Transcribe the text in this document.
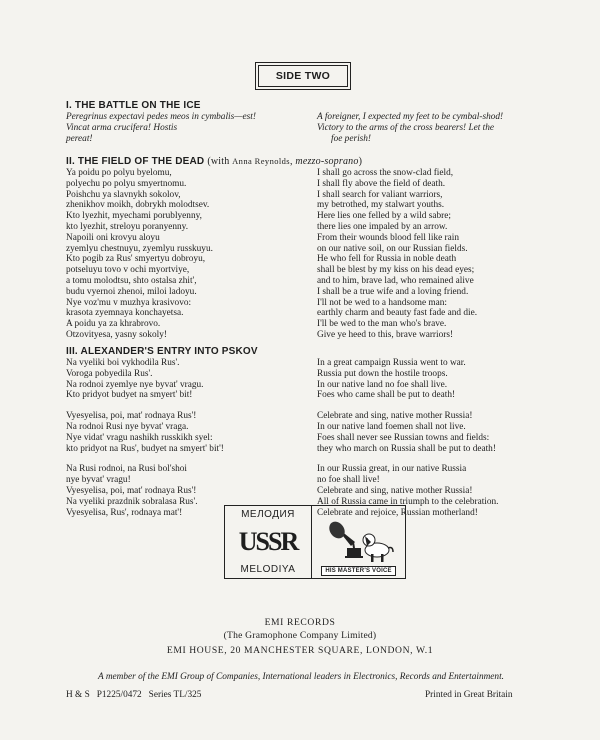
SIDE TWO
I. THE BATTLE ON THE ICE
Peregrinus expectavi pedes meos in cymbalis—est!
Vincat arma crucifera! Hostis
pereat!
A foreigner, I expected my feet to be cymbal-shod!
Victory to the arms of the cross bearers! Let the
foe perish!
II. THE FIELD OF THE DEAD (with Anna Reynolds, mezzo-soprano)
Ya poidu po polyu byelomu,
polyechu po polyu smyertnomu.
Poishchu ya slavnykh sokolov,
zhenikhov moikh, dobrykh molodtsev.
Kto lyezhit, myechami porublyenny,
kto lyezhit, streloyu poranyenny.
Napoili oni krovyu aloyu
zyemlyu chestnuyu, zyemlyu russkuyu.
Kto pogib za Rus' smyertyu dobroyu,
potseluyu tovo v ochi myortviye,
a tomu molodtsu, shto ostalsa zhit',
budu vyernoi zhenoi, miloi ladoyu.
Nye voz'mu v muzhya krasivovo:
krasota zyemnaya konchayetsa.
A poidu ya za khrabrovo.
Otzovityesa, yasny sokoly!
I shall go across the snow-clad field,
I shall fly above the field of death.
I shall search for valiant warriors,
my betrothed, my stalwart youths.
Here lies one felled by a wild sabre;
there lies one impaled by an arrow.
From their wounds blood fell like rain
on our native soil, on our Russian fields.
He who fell for Russia in noble death
shall be blest by my kiss on his dead eyes;
and to him, brave lad, who remained alive
I shall be a true wife and a loving friend.
I'll not be wed to a handsome man:
earthly charm and beauty fast fade and die.
I'll be wed to the man who's brave.
Give ye heed to this, brave warriors!
III. ALEXANDER'S ENTRY INTO PSKOV
Na vyeliki boi vykhodila Rus'.
Voroga pobyedila Rus'.
Na rodnoi zyemlye nye byvat' vragu.
Kto pridyot budyet na smyert' bit!
Vyesyelisa, poi, mat' rodnaya Rus'!
Na rodnoi Rusi nye byvat' vraga.
Nye vidat' vragu nashikh russkikh syel:
kto pridyot na Rus', budyet na smyert' bit'!
Na Rusi rodnoi, na Rusi bol'shoi
nye byvat' vragu!
Vyesyelisa, poi, mat' rodnaya Rus'!
Na vyeliki prazdnik sobralasa Rus'.
Vyesyelisa, Rus', rodnaya mat'!
In a great campaign Russia went to war.
Russia put down the hostile troops.
In our native land no foe shall live.
Foes who came shall be put to death!
Celebrate and sing, native mother Russia!
In our native land foemen shall not live.
Foes shall never see Russian towns and fields:
they who march on Russia shall be put to death!
In our Russia great, in our native Russia
no foe shall live!
Celebrate and sing, native mother Russia!
All of Russia came in triumph to the celebration.
Celebrate and rejoice, Russian motherland!
МЕЛОДИЯ
USSR
MELODIYA	HIS MASTER'S VOICE
EMI RECORDS
(The Gramophone Company Limited)
EMI HOUSE, 20 MANCHESTER SQUARE, LONDON, W.1
A member of the EMI Group of Companies, International leaders in Electronics, Records and Entertainment.
H & S   P1225/0472   Series TL/325	Printed in Great Britain
